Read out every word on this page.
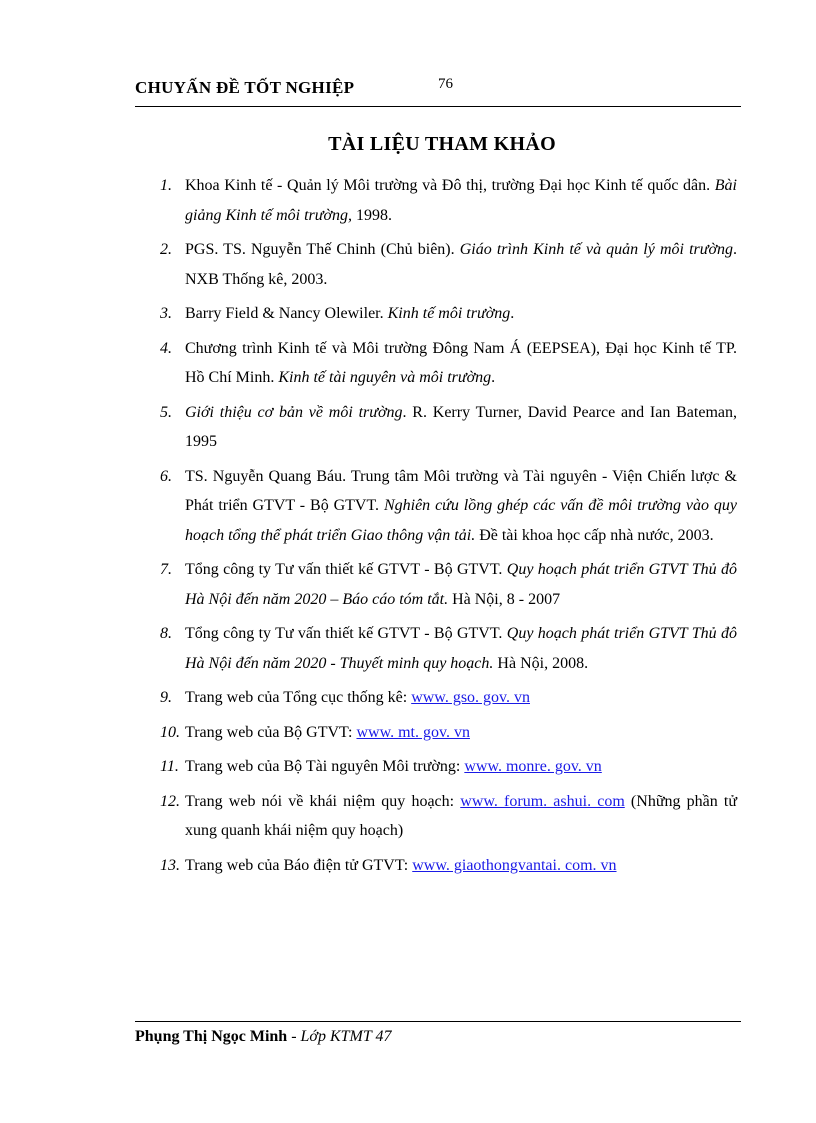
CHUYẤN ĐỀ TỐT NGHIỆP	76
TÀI LIỆU THAM KHẢO
1. Khoa Kinh tế - Quản lý Môi trường và Đô thị, trường Đại học Kinh tế quốc dân. Bài giảng Kinh tế môi trường, 1998.
2. PGS. TS. Nguyễn Thế Chinh (Chủ biên). Giáo trình Kinh tế và quản lý môi trường. NXB Thống kê, 2003.
3. Barry Field & Nancy Olewiler. Kinh tế môi trường.
4. Chương trình Kinh tế và Môi trường Đông Nam Á (EEPSEA), Đại học Kinh tế TP. Hồ Chí Minh. Kinh tế tài nguyên và môi trường.
5. Giới thiệu cơ bản về môi trường. R. Kerry Turner, David Pearce and Ian Bateman, 1995
6. TS. Nguyễn Quang Báu. Trung tâm Môi trường và Tài nguyên - Viện Chiến lược & Phát triển GTVT - Bộ GTVT. Nghiên cứu lồng ghép các vấn đề môi trường vào quy hoạch tổng thể phát triển Giao thông vận tải. Đề tài khoa học cấp nhà nước, 2003.
7. Tổng công ty Tư vấn thiết kế GTVT - Bộ GTVT. Quy hoạch phát triển GTVT Thủ đô Hà Nội đến năm 2020 – Báo cáo tóm tắt. Hà Nội, 8 - 2007
8. Tổng công ty Tư vấn thiết kế GTVT - Bộ GTVT. Quy hoạch phát triển GTVT Thủ đô Hà Nội đến năm 2020 - Thuyết minh quy hoạch. Hà Nội, 2008.
9. Trang web của Tổng cục thống kê: www. gso. gov. vn
10. Trang web của Bộ GTVT: www. mt. gov. vn
11. Trang web của Bộ Tài nguyên Môi trường: www. monre. gov. vn
12. Trang web nói về khái niệm quy hoạch: www. forum. ashui. com (Những phần tử xung quanh khái niệm quy hoạch)
13. Trang web của Báo điện tử GTVT: www. giaothongvantai. com. vn
Phụng Thị Ngọc Minh - Lớp KTMT 47
